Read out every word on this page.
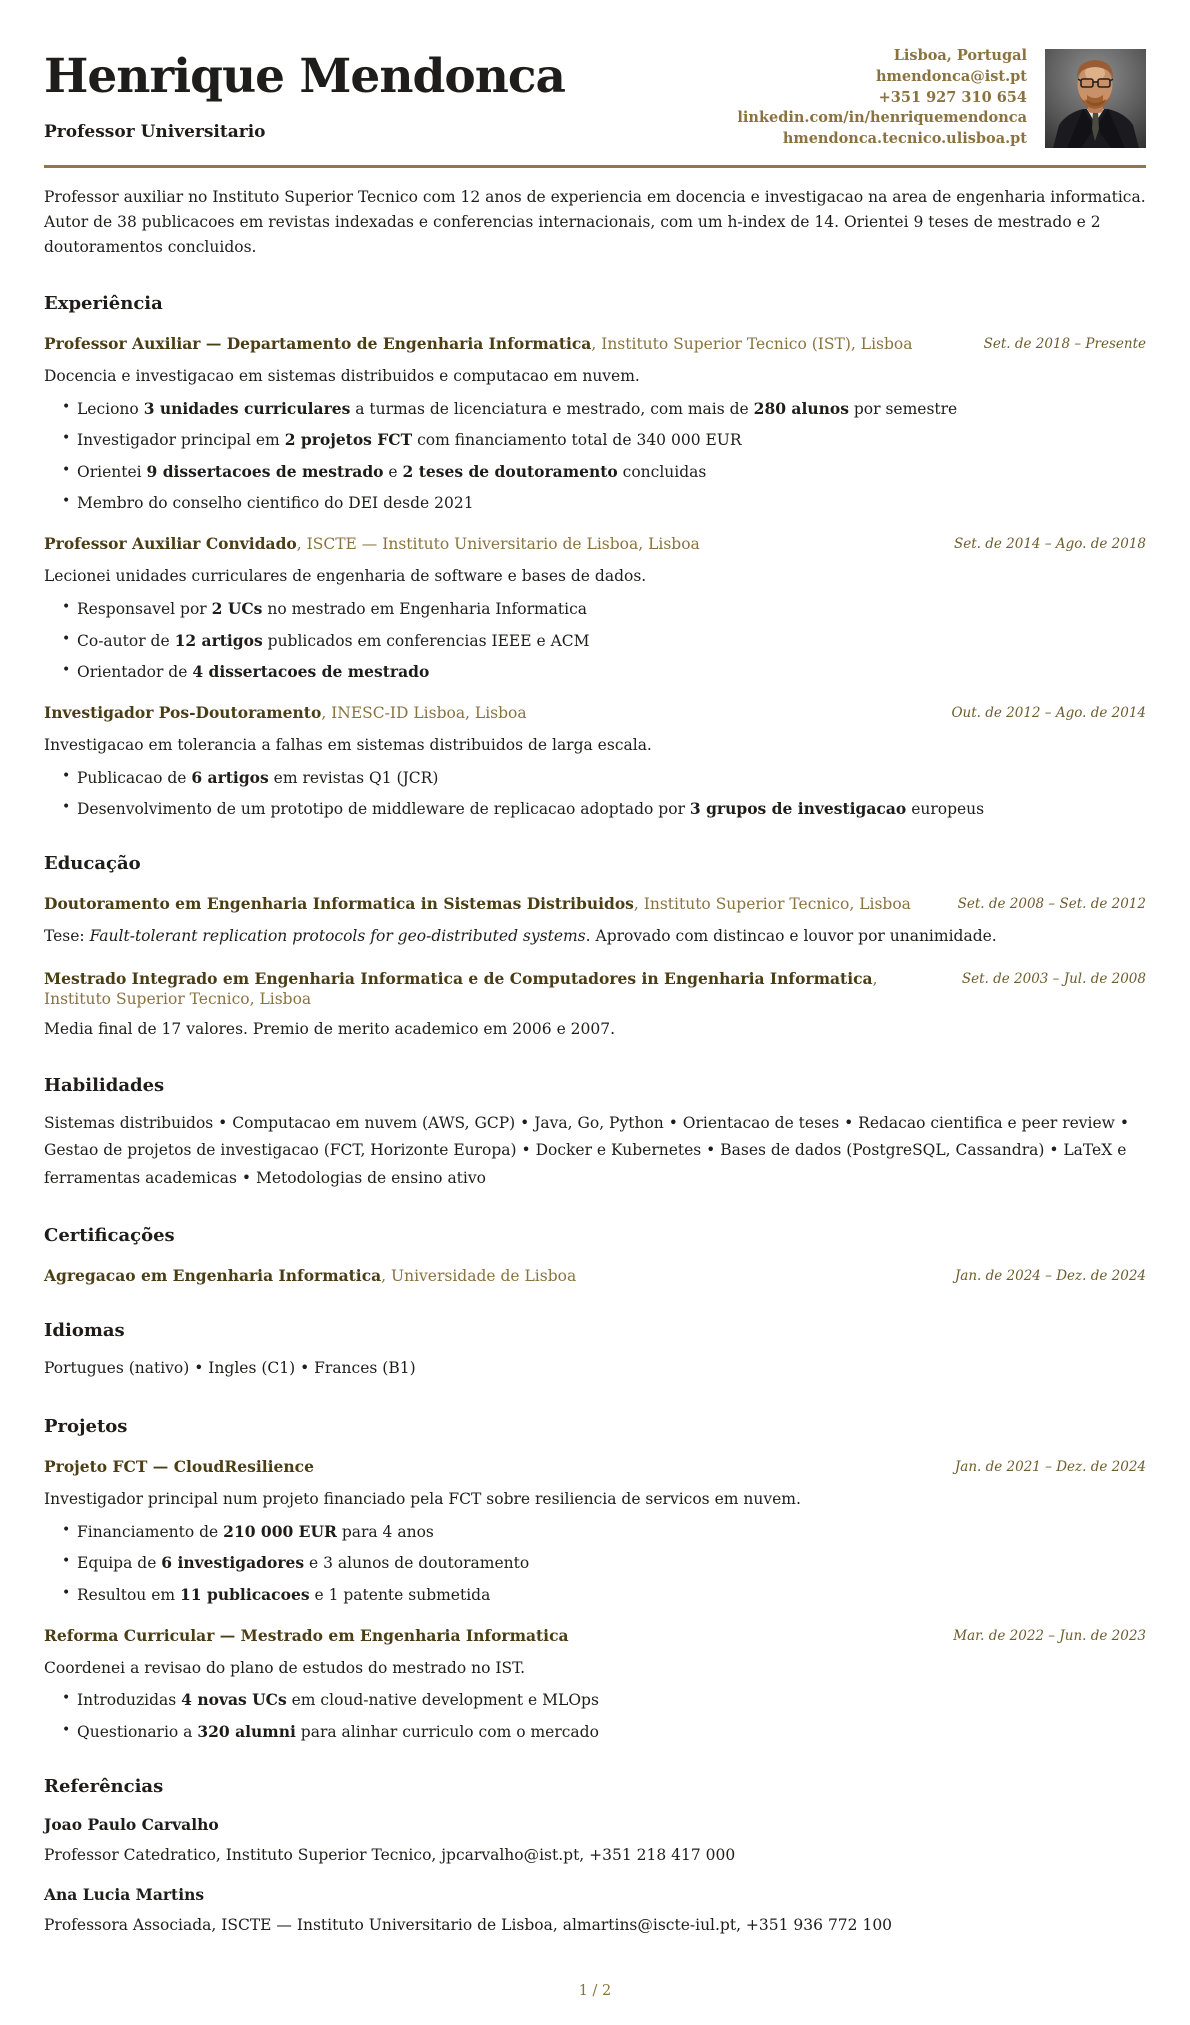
Henrique Mendonca
Professor Universitario
Lisboa, Portugal
hmendonca@ist.pt
+351 927 310 654
linkedin.com/in/henriquemendonca
hmendonca.tecnico.ulisboa.pt

Professor auxiliar no Instituto Superior Tecnico com 12 anos de experiencia em docencia e investigacao na area de engenharia informatica. Autor de 38 publicacoes em revistas indexadas e conferencias internacionais, com um h-index de 14. Orientei 9 teses de mestrado e 2 doutoramentos concluidos.

Experiência
Professor Auxiliar — Departamento de Engenharia Informatica, Instituto Superior Tecnico (IST), Lisboa	Set. de 2018 – Presente
Docencia e investigacao em sistemas distribuidos e computacao em nuvem.
• Leciono 3 unidades curriculares a turmas de licenciatura e mestrado, com mais de 280 alunos por semestre
• Investigador principal em 2 projetos FCT com financiamento total de 340 000 EUR
• Orientei 9 dissertacoes de mestrado e 2 teses de doutoramento concluidas
• Membro do conselho cientifico do DEI desde 2021
Professor Auxiliar Convidado, ISCTE — Instituto Universitario de Lisboa, Lisboa	Set. de 2014 – Ago. de 2018
Lecionei unidades curriculares de engenharia de software e bases de dados.
• Responsavel por 2 UCs no mestrado em Engenharia Informatica
• Co-autor de 12 artigos publicados em conferencias IEEE e ACM
• Orientador de 4 dissertacoes de mestrado
Investigador Pos-Doutoramento, INESC-ID Lisboa, Lisboa	Out. de 2012 – Ago. de 2014
Investigacao em tolerancia a falhas em sistemas distribuidos de larga escala.
• Publicacao de 6 artigos em revistas Q1 (JCR)
• Desenvolvimento de um prototipo de middleware de replicacao adoptado por 3 grupos de investigacao europeus
Educação
Doutoramento em Engenharia Informatica in Sistemas Distribuidos, Instituto Superior Tecnico, Lisboa	Set. de 2008 – Set. de 2012
Tese: Fault-tolerant replication protocols for geo-distributed systems. Aprovado com distincao e louvor por unanimidade.
Mestrado Integrado em Engenharia Informatica e de Computadores in Engenharia Informatica, Instituto Superior Tecnico, Lisboa
Set. de 2003 – Jul. de 2008
Media final de 17 valores. Premio de merito academico em 2006 e 2007.
Habilidades

Sistemas distribuidos • Computacao em nuvem (AWS, GCP) • Java, Go, Python • Orientacao de teses • Redacao cientifica e peer review • Gestao de projetos de investigacao (FCT, Horizonte Europa) • Docker e Kubernetes • Bases de dados (PostgreSQL, Cassandra) • LaTeX e ferramentas academicas • Metodologias de ensino ativo

Certificações
Agregacao em Engenharia Informatica, Universidade de Lisboa	Jan. de 2024 – Dez. de 2024
Idiomas

Portugues (nativo) • Ingles (C1) • Frances (B1)

Projetos
Projeto FCT — CloudResilience	Jan. de 2021 – Dez. de 2024
Investigador principal num projeto financiado pela FCT sobre resiliencia de servicos em nuvem.
• Financiamento de 210 000 EUR para 4 anos
• Equipa de 6 investigadores e 3 alunos de doutoramento
• Resultou em 11 publicacoes e 1 patente submetida
Reforma Curricular — Mestrado em Engenharia Informatica	Mar. de 2022 – Jun. de 2023
Coordenei a revisao do plano de estudos do mestrado no IST.
• Introduzidas 4 novas UCs em cloud-native development e MLOps
• Questionario a 320 alumni para alinhar curriculo com o mercado
Referências
Joao Paulo Carvalho
Professor Catedratico, Instituto Superior Tecnico, jpcarvalho@ist.pt, +351 218 417 000
Ana Lucia Martins
Professora Associada, ISCTE — Instituto Universitario de Lisboa, almartins@iscte-iul.pt, +351 936 772 100
1 / 2
